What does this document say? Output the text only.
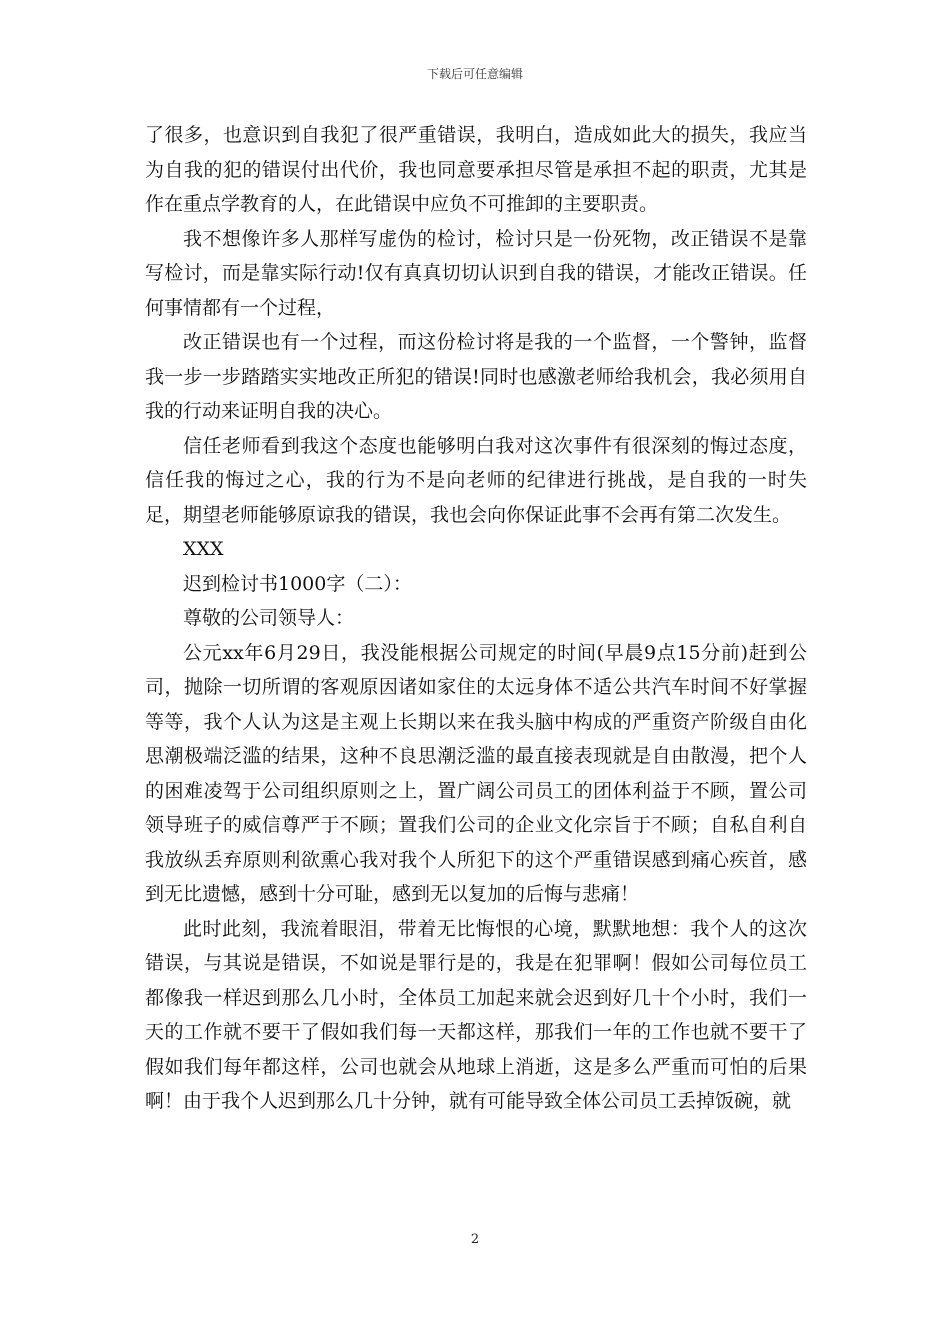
下载后可任意编辑

了很多，也意识到自我犯了很严重错误，我明白，造成如此大的损失，我应当为自我的犯的错误付出代价，我也同意要承担尽管是承担不起的职责，尤其是作在重点学教育的人，在此错误中应负不可推卸的主要职责。

我不想像许多人那样写虚伪的检讨，检讨只是一份死物，改正错误不是靠写检讨，而是靠实际行动!仅有真真切切认识到自我的错误，才能改正错误。任何事情都有一个过程，

改正错误也有一个过程，而这份检讨将是我的一个监督，一个警钟，监督我一步一步踏踏实实地改正所犯的错误!同时也感激老师给我机会，我必须用自我的行动来证明自我的决心。

信任老师看到我这个态度也能够明白我对这次事件有很深刻的悔过态度，信任我的悔过之心，我的行为不是向老师的纪律进行挑战，是自我的一时失足，期望老师能够原谅我的错误，我也会向你保证此事不会再有第二次发生。

XXX

迟到检讨书1000字（二）：

尊敬的公司领导人：

公元xx年6月29日，我没能根据公司规定的时间(早晨9点15分前)赶到公司，抛除一切所谓的客观原因诸如家住的太远身体不适公共汽车时间不好掌握等等，我个人认为这是主观上长期以来在我头脑中构成的严重资产阶级自由化思潮极端泛滥的结果，这种不良思潮泛滥的最直接表现就是自由散漫，把个人的困难凌驾于公司组织原则之上，置广阔公司员工的团体利益于不顾，置公司领导班子的威信尊严于不顾；置我们公司的企业文化宗旨于不顾；自私自利自我放纵丢弃原则利欲熏心我对我个人所犯下的这个严重错误感到痛心疾首，感到无比遗憾，感到十分可耻，感到无以复加的后悔与悲痛！

此时此刻，我流着眼泪，带着无比悔恨的心境，默默地想：我个人的这次错误，与其说是错误，不如说是罪行是的，我是在犯罪啊！假如公司每位员工都像我一样迟到那么几小时，全体员工加起来就会迟到好几十个小时，我们一天的工作就不要干了假如我们每一天都这样，那我们一年的工作也就不要干了假如我们每年都这样，公司也就会从地球上消逝，这是多么严重而可怕的后果啊！由于我个人迟到那么几十分钟，就有可能导致全体公司员工丢掉饭碗，就

2
